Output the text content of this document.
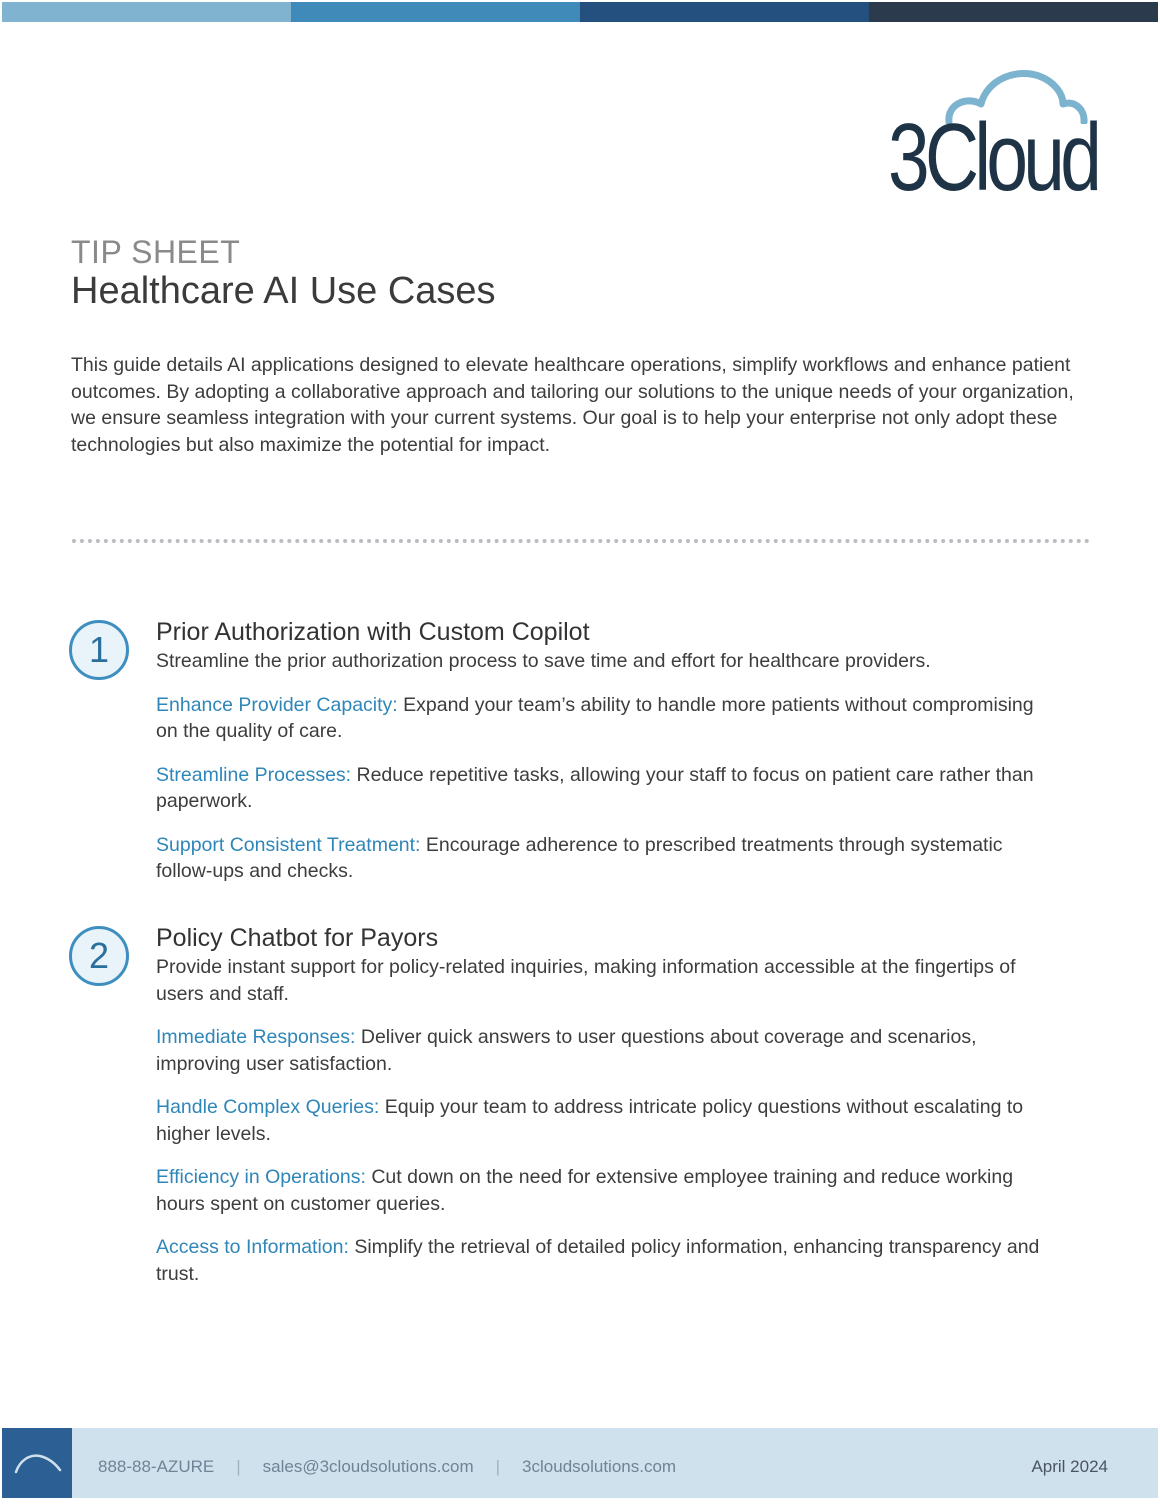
3Cloud
TIP SHEET
Healthcare AI Use Cases

This guide details AI applications designed to elevate healthcare operations, simplify workflows and enhance patient outcomes. By adopting a collaborative approach and tailoring our solutions to the unique needs of your organization, we ensure seamless integration with your current systems. Our goal is to help your enterprise not only adopt these technologies but also maximize the potential for impact.

1	Prior Authorization with Custom Copilot
Streamline the prior authorization process to save time and effort for healthcare providers.

Enhance Provider Capacity: Expand your team’s ability to handle more patients without compromising on the quality of care.

Streamline Processes: Reduce repetitive tasks, allowing your staff to focus on patient care rather than paperwork.

Support Consistent Treatment: Encourage adherence to prescribed treatments through systematic follow-ups and checks.

2	Policy Chatbot for Payors
Provide instant support for policy-related inquiries, making information accessible at the fingertips of users and staff.

Immediate Responses: Deliver quick answers to user questions about coverage and scenarios, improving user satisfaction.

Handle Complex Queries: Equip your team to address intricate policy questions without escalating to higher levels.

Efficiency in Operations: Cut down on the need for extensive employee training and reduce working hours spent on customer queries.

Access to Information: Simplify the retrieval of detailed policy information, enhancing transparency and trust.

888-88-AZURE | sales@3cloudsolutions.com | 3cloudsolutions.com	April 2024
